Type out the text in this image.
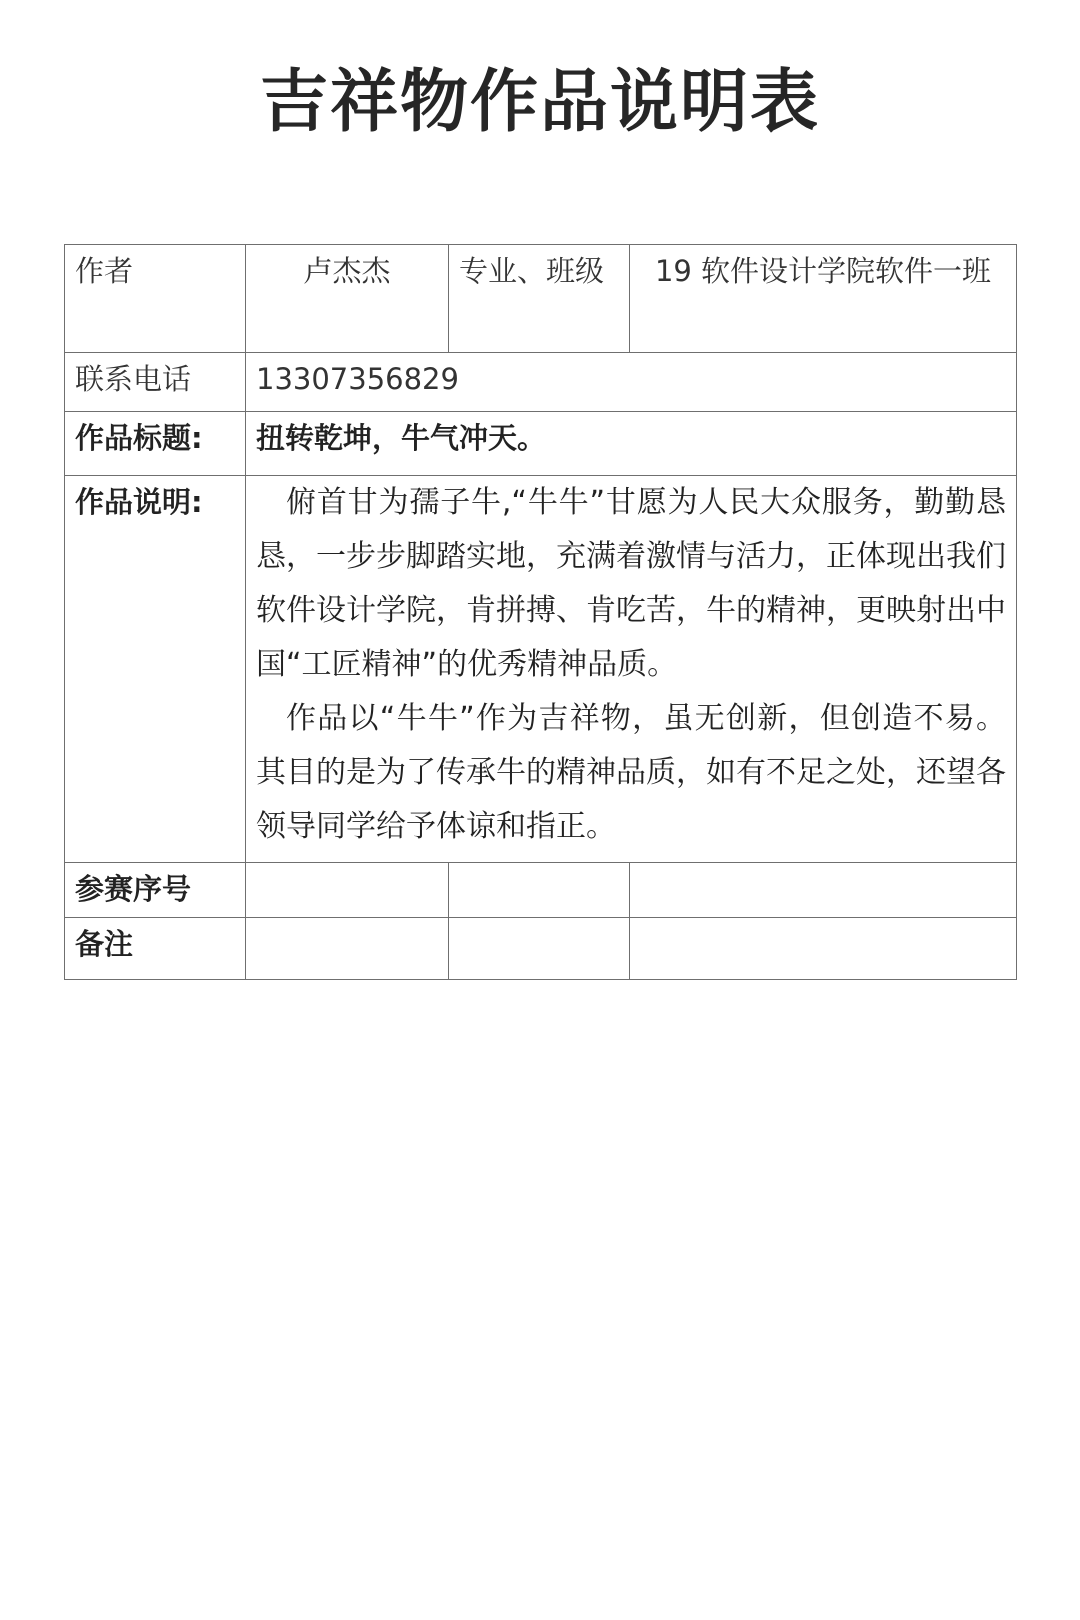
吉祥物作品说明表
作者	卢杰杰	专业、班级	19 软件设计学院软件一班
联系电话	13307356829		
作品标题:	扭转乾坤，牛气冲天。		
作品说明:	俯首甘为孺子牛,“牛牛”甘愿为人民大众服务，勤勤恳恳，一步步脚踏实地，充满着激情与活力，正体现出我们软件设计学院，肯拼搏、肯吃苦，牛的精神，更映射出中国“工匠精神”的优秀精神品质。

作品以“牛牛”作为吉祥物，虽无创新，但创造不易。其目的是为了传承牛的精神品质，如有不足之处，还望各领导同学给予体谅和指正。		

参赛序号			
备注			
